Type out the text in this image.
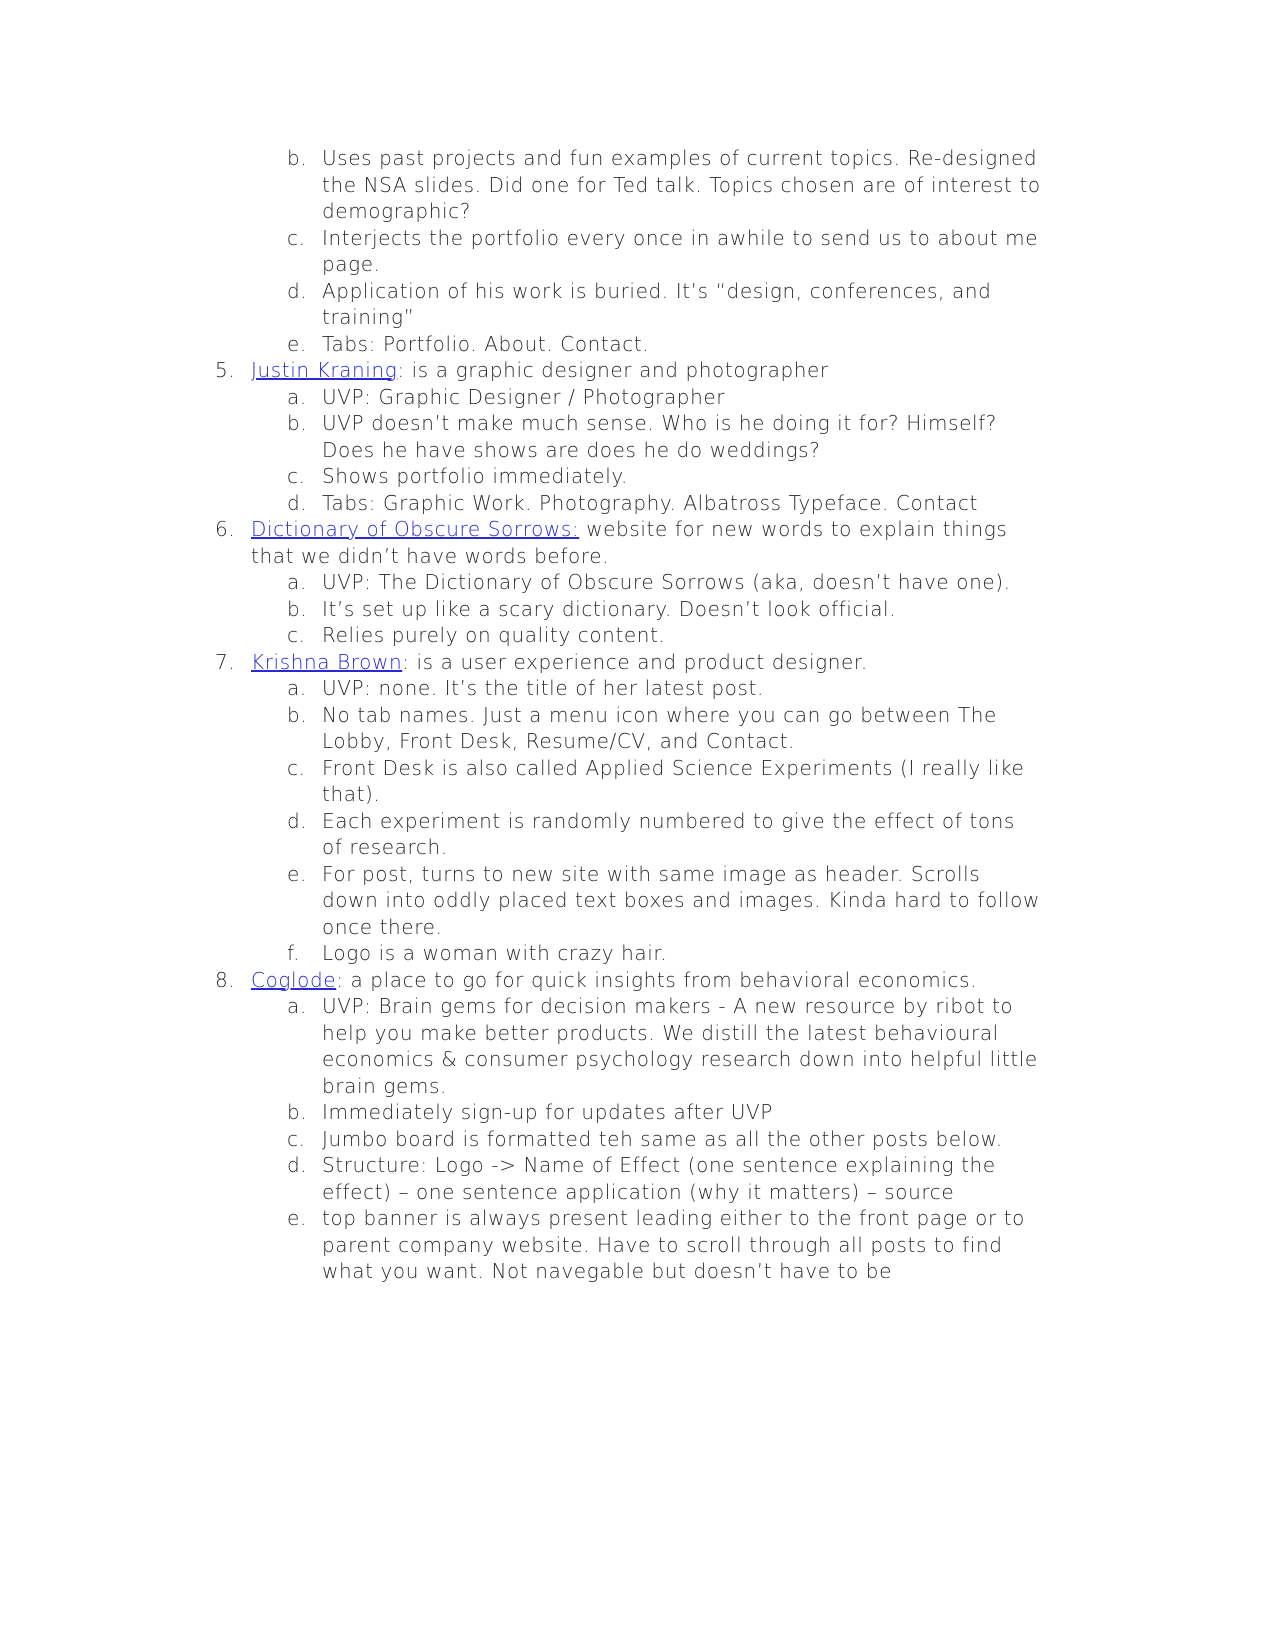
b. Uses past projects and fun examples of current topics. Re-designed the NSA slides. Did one for Ted talk. Topics chosen are of interest to demographic?
c. Interjects the portfolio every once in awhile to send us to about me page.
d. Application of his work is buried. It’s “design, conferences, and training”
e. Tabs: Portfolio. About. Contact.
5. Justin Kraning: is a graphic designer and photographer
a. UVP: Graphic Designer / Photographer
b. UVP doesn’t make much sense. Who is he doing it for? Himself? Does he have shows are does he do weddings?
c. Shows portfolio immediately.
d. Tabs: Graphic Work. Photography. Albatross Typeface. Contact
6. Dictionary of Obscure Sorrows: website for new words to explain things that we didn’t have words before.
a. UVP: The Dictionary of Obscure Sorrows (aka, doesn’t have one).
b. It’s set up like a scary dictionary. Doesn’t look official.
c. Relies purely on quality content.
7. Krishna Brown: is a user experience and product designer.
a. UVP: none. It’s the title of her latest post.
b. No tab names. Just a menu icon where you can go between The Lobby, Front Desk, Resume/CV, and Contact.
c. Front Desk is also called Applied Science Experiments (I really like that).
d. Each experiment is randomly numbered to give the effect of tons of research.
e. For post, turns to new site with same image as header. Scrolls down into oddly placed text boxes and images. Kinda hard to follow once there.
f.	Logo is a woman with crazy hair.
8. Coglode: a place to go for quick insights from behavioral economics.
a. UVP: Brain gems for decision makers - A new resource by ribot to help you make better products. We distill the latest behavioural economics & consumer psychology research down into helpful little brain gems.
b. Immediately sign-up for updates after UVP
c. Jumbo board is formatted teh same as all the other posts below.
d. Structure: Logo -> Name of Effect (one sentence explaining the effect) – one sentence application (why it matters) – source
e. top banner is always present leading either to the front page or to parent company website. Have to scroll through all posts to find what you want. Not navegable but doesn’t have to be
